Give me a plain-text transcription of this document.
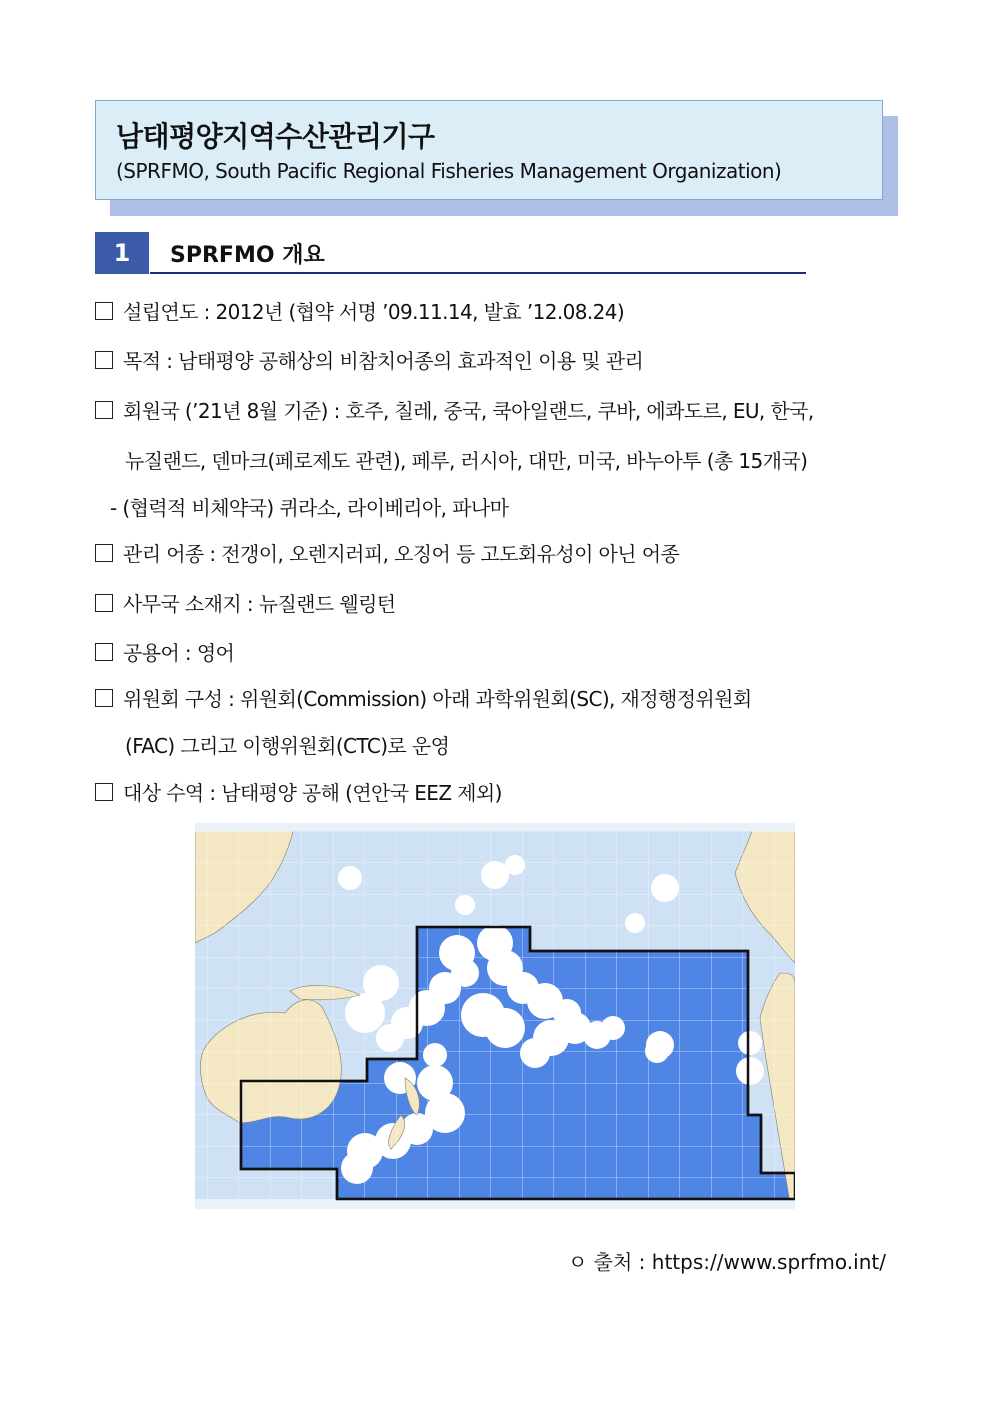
남태평양지역수산관리기구
(SPRFMO, South Pacific Regional Fisheries Management Organization)
1	SPRFMO 개요
설립연도 : 2012년 (협약 서명 ’09.11.14, 발효 ’12.08.24)
목적 : 남태평양 공해상의 비참치어종의 효과적인 이용 및 관리
회원국 (’21년 8월 기준) : 호주, 칠레, 중국, 쿡아일랜드, 쿠바, 에콰도르, EU, 한국,
뉴질랜드, 덴마크(페로제도 관련), 페루, 러시아, 대만, 미국, 바누아투 (총 15개국)
- (협력적 비체약국) 퀴라소, 라이베리아, 파나마
관리 어종 : 전갱이, 오렌지러피, 오징어 등 고도회유성이 아닌 어종
사무국 소재지 : 뉴질랜드 웰링턴
공용어 : 영어
위원회 구성 : 위원회(Commission) 아래 과학위원회(SC), 재정행정위원회
(FAC) 그리고 이행위원회(CTC)로 운영
대상 수역 : 남태평양 공해 (연안국 EEZ 제외)
ㅇ 출처 : https://www.sprfmo.int/
